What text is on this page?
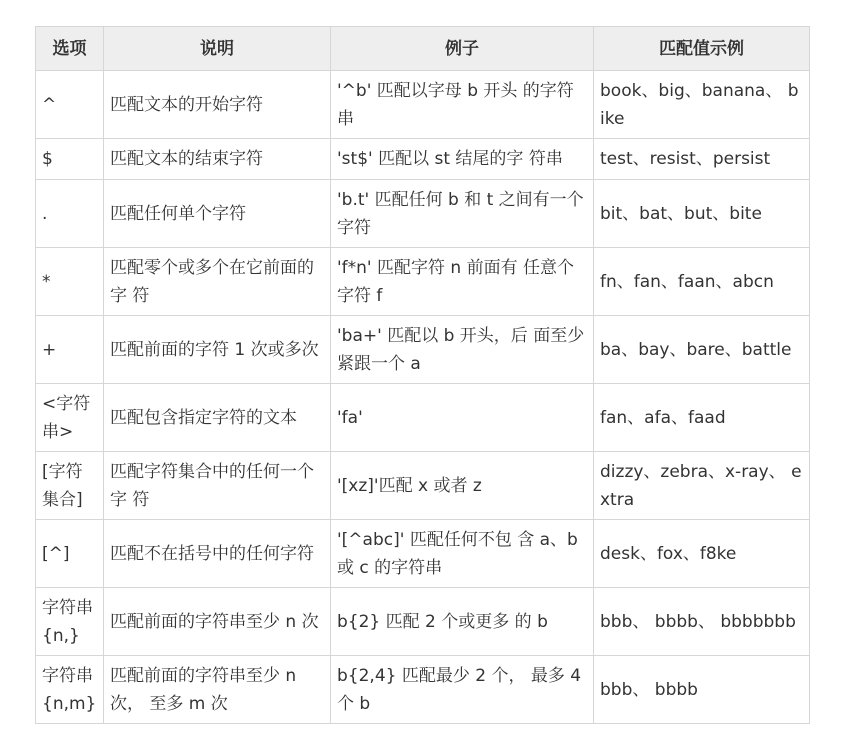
选项	说明	例子	匹配值示例
^	匹配文本的开始字符	'^b' 匹配以字母 b 开头 的字符串	book、big、banana、 bike
$	匹配文本的结束字符	'st$' 匹配以 st 结尾的字 符串	test、resist、persist
.	匹配任何单个字符	'b.t' 匹配任何 b 和 t 之间有一个字符	bit、bat、but、bite
*	匹配零个或多个在它前面的字 符	'f*n' 匹配字符 n 前面有 任意个字符 f	fn、fan、faan、abcn
+	匹配前面的字符 1 次或多次	'ba+' 匹配以 b 开头，后 面至少紧跟一个 a	ba、bay、bare、battle
<字符串>	匹配包含指定字符的文本	'fa'	fan、afa、faad
[字符集合]	匹配字符集合中的任何一个字 符	'[xz]'匹配 x 或者 z	dizzy、zebra、x-ray、 extra
[^]	匹配不在括号中的任何字符	'[^abc]' 匹配任何不包 含 a、b 或 c 的字符串	desk、fox、f8ke
字符串{n,}	匹配前面的字符串至少 n 次	b{2} 匹配 2 个或更多 的 b	bbb、 bbbb、 bbbbbbb
字符串{n,m}	匹配前面的字符串至少 n 次， 至多 m 次	b{2,4} 匹配最少 2 个， 最多 4 个 b	bbb、 bbbb
